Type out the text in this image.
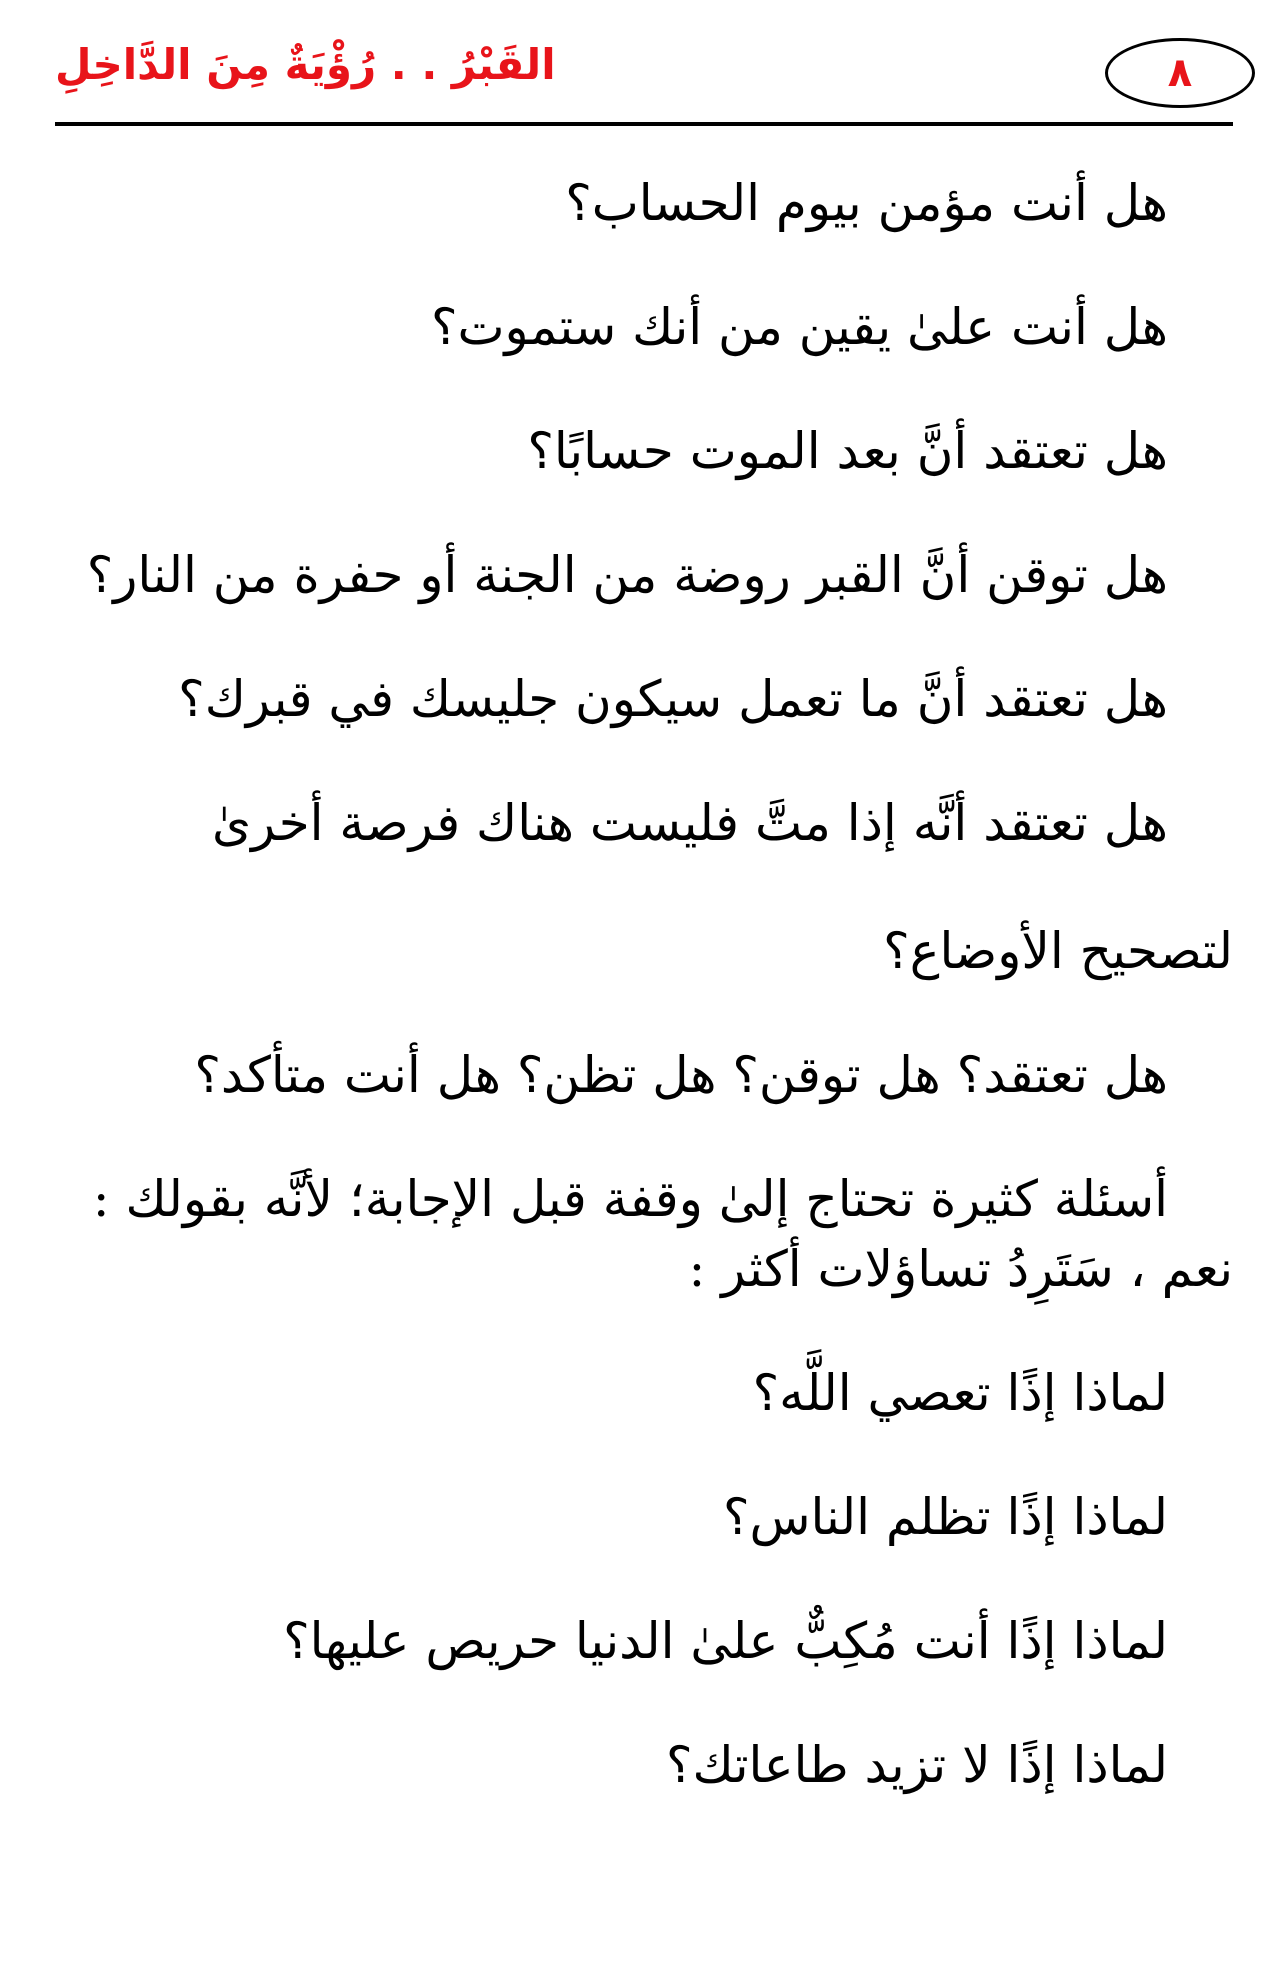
٨
القَبْرُ . . رُؤْيَةٌ مِنَ الدَّاخِلِ

هل أنت مؤمن بيوم الحساب؟

هل أنت علىٰ يقين من أنك ستموت؟

هل تعتقد أنَّ بعد الموت حسابًا؟

هل توقن أنَّ القبر روضة من الجنة أو حفرة من النار؟

هل تعتقد أنَّ ما تعمل سيكون جليسك في قبرك؟

هل تعتقد أنَّه إذا متَّ فليست هناك فرصة أخرىٰ
لتصحيح الأوضاع؟

هل تعتقد؟ هل توقن؟ هل تظن؟ هل أنت متأكد؟

أسئلة كثيرة تحتاج إلىٰ وقفة قبل الإجابة؛ لأنَّه بقولك :
نعم ، سَتَرِدُ تساؤلات أكثر :

لماذا إذًا تعصي اللَّه؟

لماذا إذًا تظلم الناس؟

لماذا إذًا أنت مُكِبٌّ علىٰ الدنيا حريص عليها؟

لماذا إذًا لا تزيد طاعاتك؟
